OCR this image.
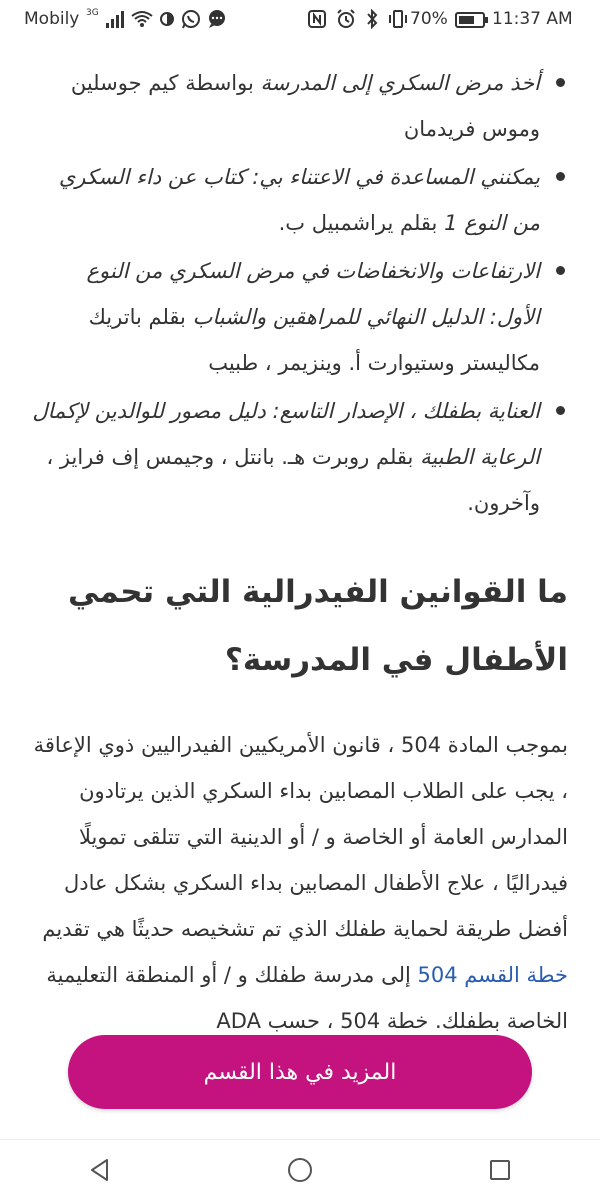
Mobily 3G	70%	11:37 AM
أخذ مرض السكري إلى المدرسة بواسطة كيم جوسلين وموس فريدمان
يمكنني المساعدة في الاعتناء بي: كتاب عن داء السكري من النوع 1 بقلم يراشمبيل ب.
الارتفاعات والانخفاضات في مرض السكري من النوع الأول: الدليل النهائي للمراهقين والشباب بقلم باتريك مكاليستر وستيوارت أ. وينزيمر ، طبيب
العناية بطفلك ، الإصدار التاسع: دليل مصور للوالدين لإكمال الرعاية الطبية بقلم روبرت هـ. بانتل ، وجيمس إف فرايز ، وآخرون.
ما القوانين الفيدرالية التي تحمي الأطفال في المدرسة؟

بموجب المادة 504 ، قانون الأمريكيين الفيدراليين ذوي الإعاقة ، يجب على الطلاب المصابين بداء السكري الذين يرتادون المدارس العامة أو الخاصة و / أو الدينية التي تتلقى تمويلًا فيدراليًا ، علاج الأطفال المصابين بداء السكري بشكل عادل أفضل طريقة لحماية طفلك الذي تم تشخيصه حديثًا هي تقديم خطة القسم 504 إلى مدرسة طفلك و / أو المنطقة التعليمية الخاصة بطفلك. خطة 504 ، حسب ADA

المزيد في هذا القسم
